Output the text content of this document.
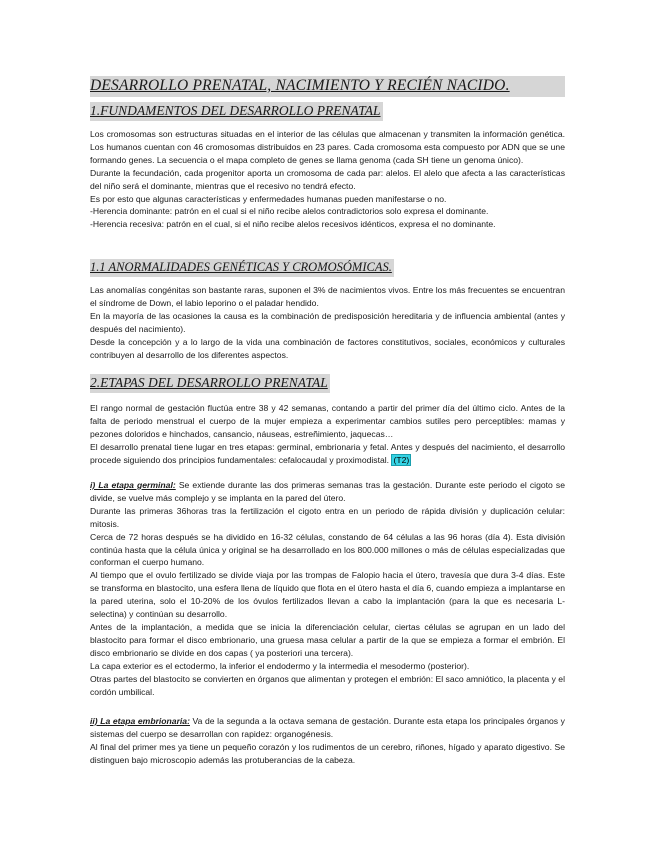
DESARROLLO PRENATAL, NACIMIENTO Y RECIÉN NACIDO.
1.FUNDAMENTOS DEL DESARROLLO PRENATAL

Los cromosomas son estructuras situadas en el interior de las células que almacenan y transmiten la información genética. Los humanos cuentan con 46 cromosomas distribuidos en 23 pares. Cada cromosoma esta compuesto por ADN que se une formando genes. La secuencia o el mapa completo de genes se llama genoma (cada SH tiene un genoma único).

Durante la fecundación, cada progenitor aporta un cromosoma de cada par: alelos. El alelo que afecta a las características del niño será el dominante, mientras que el recesivo no tendrá efecto.

Es por esto que algunas características y enfermedades humanas pueden manifestarse o no.

-Herencia dominante: patrón en el cual si el niño recibe alelos contradictorios solo expresa el dominante.

-Herencia recesiva: patrón en el cual, si el niño recibe alelos recesivos idénticos, expresa el no dominante.

1.1 ANORMALIDADES GENÉTICAS Y CROMOSÓMICAS.

Las anomalías congénitas son bastante raras, suponen el 3% de nacimientos vivos. Entre los más frecuentes se encuentran el síndrome de Down, el labio leporino o el paladar hendido.

En la mayoría de las ocasiones la causa es la combinación de predisposición hereditaria y de influencia ambiental (antes y después del nacimiento).

Desde la concepción y a lo largo de la vida una combinación de factores constitutivos, sociales, económicos y culturales contribuyen al desarrollo de los diferentes aspectos.

2.ETAPAS DEL DESARROLLO PRENATAL

El rango normal de gestación fluctúa entre 38 y 42 semanas, contando a partir del primer día del último ciclo. Antes de la falta de periodo menstrual el cuerpo de la mujer empieza a experimentar cambios sutiles pero perceptibles: mamas y pezones doloridos e hinchados, cansancio, náuseas, estreñimiento, jaquecas…

El desarrollo prenatal tiene lugar en tres etapas: germinal, embrionaria y fetal. Antes y después del nacimiento, el desarrollo procede siguiendo dos principios fundamentales: cefalocaudal y proximodistal. (T2)

i) La etapa germinal: Se extiende durante las dos primeras semanas tras la gestación. Durante este periodo el cigoto se divide, se vuelve más complejo y se implanta en la pared del útero.

Durante las primeras 36horas tras la fertilización el cigoto entra en un periodo de rápida división y duplicación celular: mitosis.

Cerca de 72 horas después se ha dividido en 16-32 células, constando de 64 células a las 96 horas (día 4). Esta división continúa hasta que la célula única y original se ha desarrollado en los 800.000 millones o más de células especializadas que conforman el cuerpo humano.

Al tiempo que el ovulo fertilizado se divide viaja por las trompas de Falopio hacia el útero, travesía que dura 3-4 días. Este se transforma en blastocito, una esfera llena de líquido que flota en el útero hasta el día 6, cuando empieza a implantarse en la pared uterina, solo el 10-20% de los óvulos fertilizados llevan a cabo la implantación (para la que es necesaria L-selectina) y continúan su desarrollo.

Antes de la implantación, a medida que se inicia la diferenciación celular, ciertas células se agrupan en un lado del blastocito para formar el disco embrionario, una gruesa masa celular a partir de la que se empieza a formar el embrión. El disco embrionario se divide en dos capas ( ya posteriori una tercera).

La capa exterior es el ectodermo, la inferior el endodermo y la intermedia el mesodermo (posterior).

Otras partes del blastocito se convierten en órganos que alimentan y protegen el embrión: El saco amniótico, la placenta y el cordón umbilical.

ii) La etapa embrionaria: Va de la segunda a la octava semana de gestación. Durante esta etapa los principales órganos y sistemas del cuerpo se desarrollan con rapidez: organogénesis.

Al final del primer mes ya tiene un pequeño corazón y los rudimentos de un cerebro, riñones, hígado y aparato digestivo. Se distinguen bajo microscopio además las protuberancias de la cabeza.
